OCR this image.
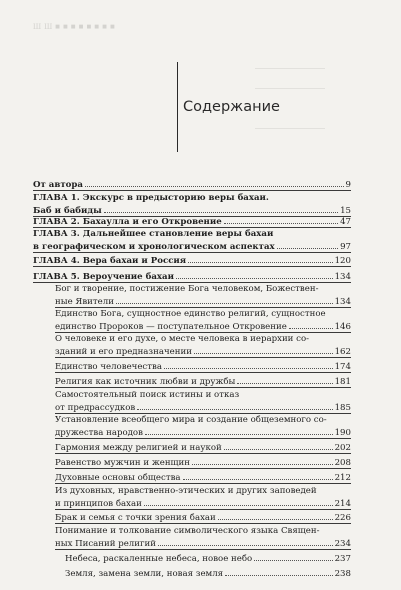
Ш Ш ■ ■ ■ ■ ■ ■ ■ ■
Содержание
От автора	9
ГЛАВА 1. Экскурс в предысторию веры бахаи.
Баб и бабиды	15
ГЛАВА 2. Бахаулла и его Откровение	47
ГЛАВА 3. Дальнейшее становление веры бахаи
в географическом и хронологическом аспектах	97
ГЛАВА 4. Вера бахаи и Россия	120
ГЛАВА 5. Вероучение бахаи	134
Бог и творение, постижение Бога человеком, Божествен-
ные Явители	134
Единство Бога, сущностное единство религий, сущностное
единство Пророков — поступательное Откровение	146
О человеке и его духе, о месте человека в иерархии со-
зданий и его предназначении	162
Единство человечества	174
Религия как источник любви и дружбы	181
Самостоятельный поиск истины и отказ
от предрассудков	185
Установление всеобщего мира и создание общеземного со-
дружества народов	190
Гармония между религией и наукой	202
Равенство мужчин и женщин	208
Духовные основы общества	212
Из духовных, нравственно-этических и других заповедей
и принципов бахаи	214
Брак и семья с точки зрения бахаи	226
Понимание и толкование символического языка Священ-
ных Писаний религий	234
Небеса, раскаленные небеса, новое небо	237
Земля, замена земли, новая земля	238
